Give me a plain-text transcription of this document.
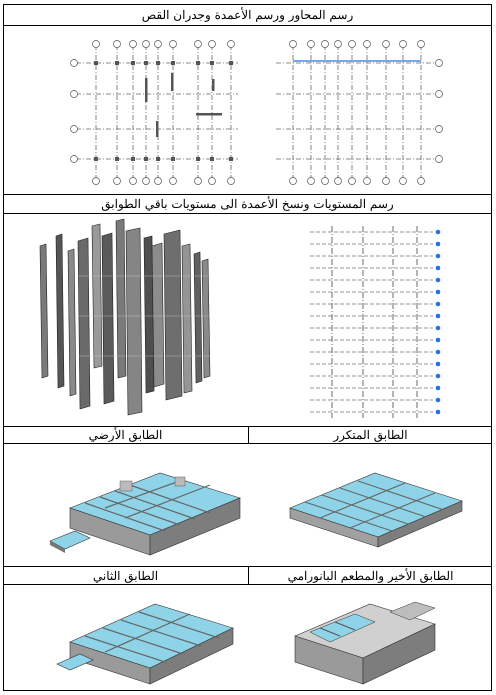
رسم المحاور ورسم الأعمدة وجدران القص
رسم المستويات ونسخ الأعمدة الى مستويات باقي الطوابق
الطابق الأرضي	الطابق المتكرر
الطابق الثاني	الطابق الأخير والمطعم البانورامي
